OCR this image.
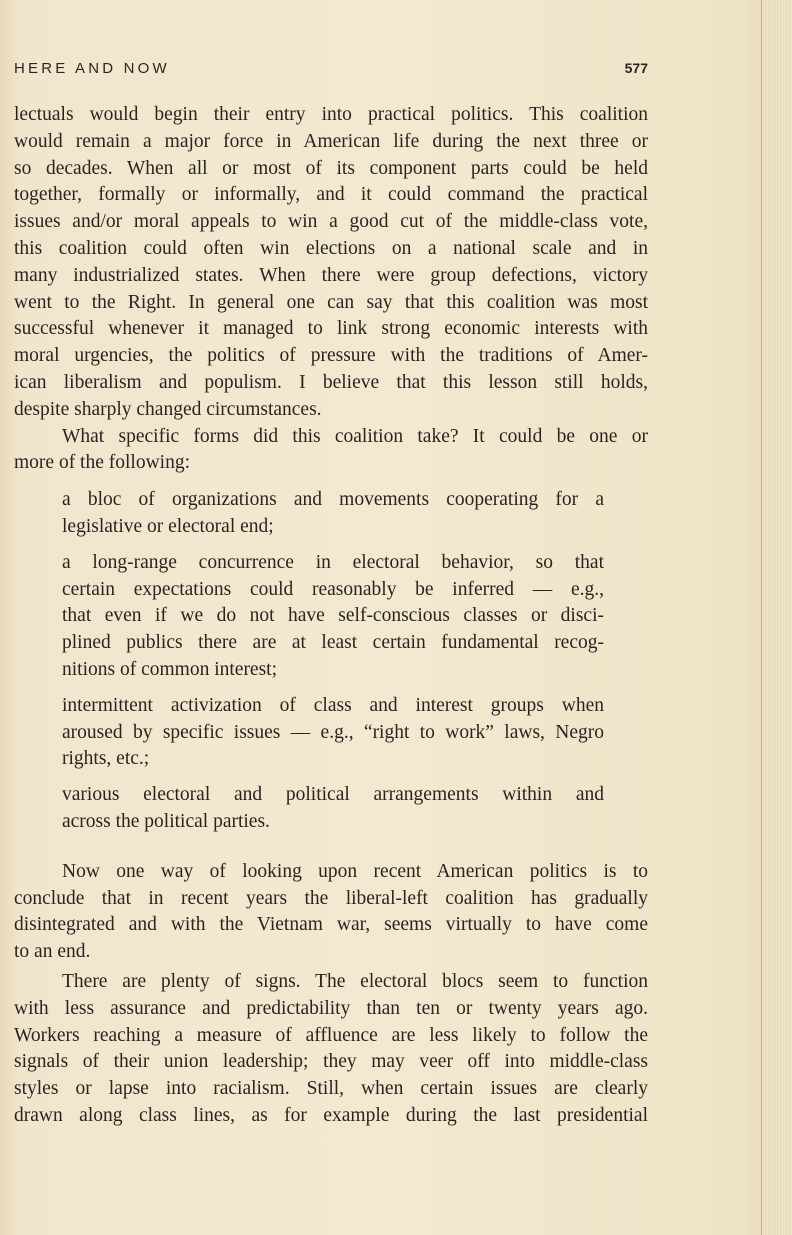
HERE AND NOW	577
lectuals would begin their entry into practical politics. This coalition
would remain a major force in American life during the next three or
so decades. When all or most of its component parts could be held
together, formally or informally, and it could command the practical
issues and/or moral appeals to win a good cut of the middle-class vote,
this coalition could often win elections on a national scale and in
many industrialized states. When there were group defections, victory
went to the Right. In general one can say that this coalition was most
successful whenever it managed to link strong economic interests with
moral urgencies, the politics of pressure with the traditions of Amer-
ican liberalism and populism. I believe that this lesson still holds,
despite sharply changed circumstances.
What specific forms did this coalition take? It could be one or
more of the following:
a bloc of organizations and movements cooperating for a
legislative or electoral end;
a long-range concurrence in electoral behavior, so that
certain expectations could reasonably be inferred — e.g.,
that even if we do not have self-conscious classes or disci-
plined publics there are at least certain fundamental recog-
nitions of common interest;
intermittent activization of class and interest groups when
aroused by specific issues — e.g., “right to work” laws, Negro
rights, etc.;
various electoral and political arrangements within and
across the political parties.
Now one way of looking upon recent American politics is to
conclude that in recent years the liberal-left coalition has gradually
disintegrated and with the Vietnam war, seems virtually to have come
to an end.
There are plenty of signs. The electoral blocs seem to function
with less assurance and predictability than ten or twenty years ago.
Workers reaching a measure of affluence are less likely to follow the
signals of their union leadership; they may veer off into middle-class
styles or lapse into racialism. Still, when certain issues are clearly
drawn along class lines, as for example during the last presidential
